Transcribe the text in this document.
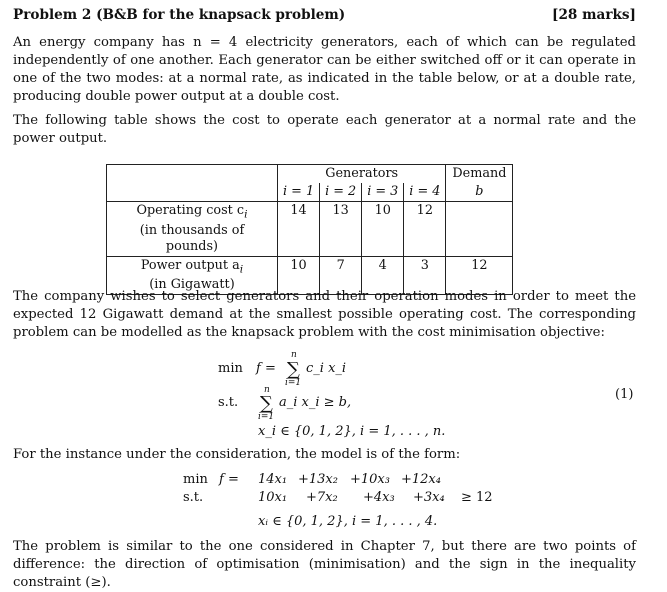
Problem 2 (B&B for the knapsack problem)	[28 marks]

An energy company has n = 4 electricity generators, each of which can be regulated independently of one another. Each generator can be either switched off or it can operate in one of the two modes: at a normal rate, as indicated in the table below, or at a double rate, producing double power output at a double cost.

The following table shows the cost to operate each generator at a normal rate and the power output.

	Generators				Demand
	i = 1	i = 2	i = 3	i = 4	b
Operating cost $c_i$
(in thousands of pounds)	14	13	10	12	
Power output $a_i$
(in Gigawatt)	10	7	4	3	12

The company wishes to select generators and their operation modes in order to meet the expected 12 Gigawatt demand at the smallest possible operating cost. The corresponding problem can be modelled as the knapsack problem with the cost minimisation objective:

min f =
n
∑
i=1
c_i x_i
s.t.
n
∑
i=1
a_i x_i ≥ b,
(1)
x_i ∈ {0, 1, 2}, i = 1, . . . , n.

For the instance under the consideration, the model is of the form:

min f = 14x₁ +13x₂ +10x₃ +12x₄
s.t.	10x₁ +7x₂ +4x₃ +3x₄ ≥ 12
xᵢ ∈ {0, 1, 2}, i = 1, . . . , 4.

The problem is similar to the one considered in Chapter 7, but there are two points of difference: the direction of optimisation (minimisation) and the sign in the inequality constraint (≥).
